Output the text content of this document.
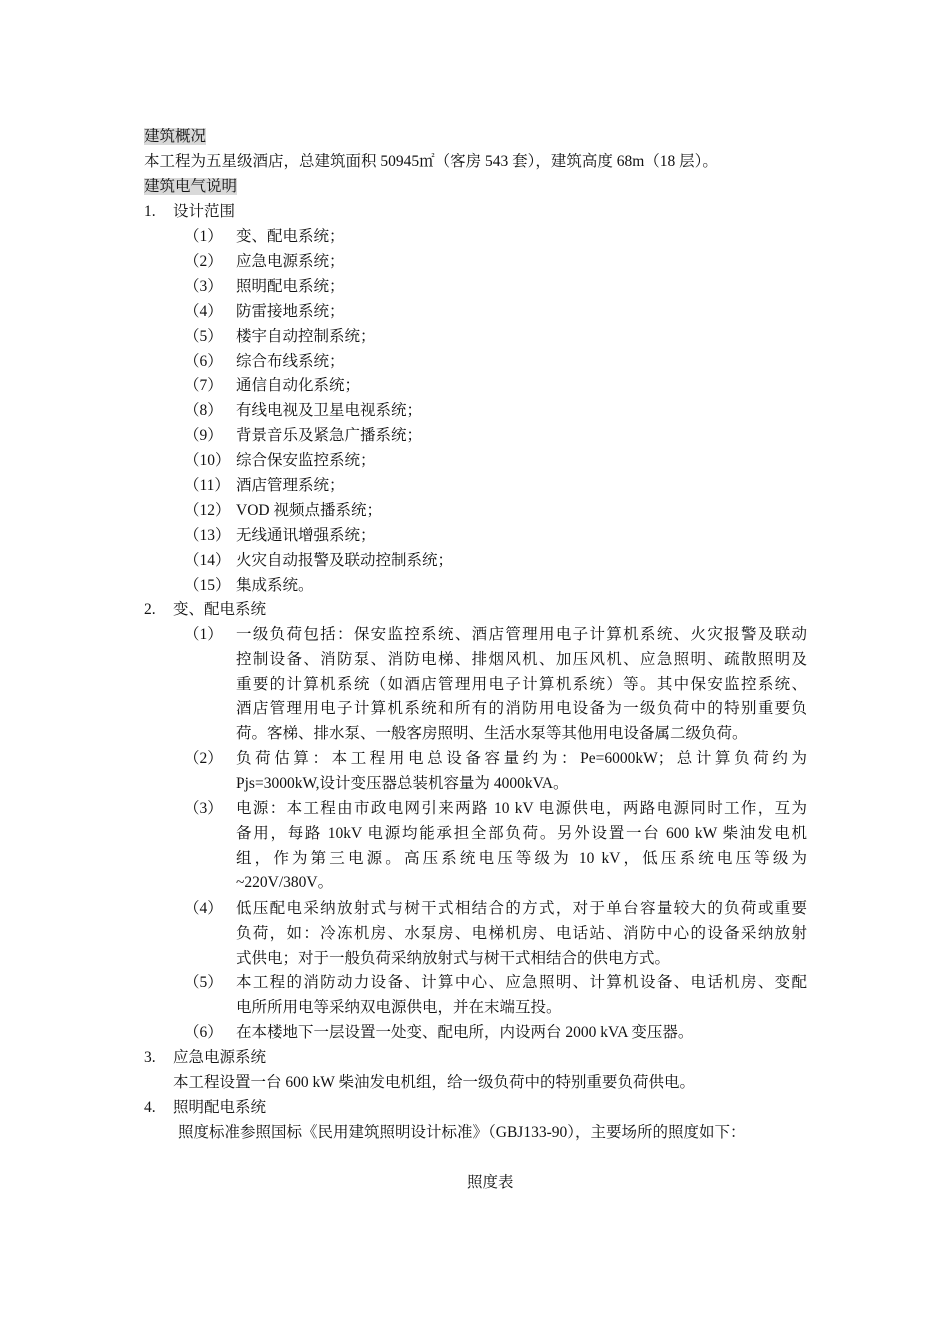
建筑概况
本工程为五星级酒店，总建筑面积 50945㎡（客房 543 套），建筑高度 68m（18 层）。
建筑电气说明
1. 设计范围
（1） 变、配电系统；
（2） 应急电源系统；
（3） 照明配电系统；
（4） 防雷接地系统；
（5） 楼宇自动控制系统；
（6） 综合布线系统；
（7） 通信自动化系统；
（8） 有线电视及卫星电视系统；
（9） 背景音乐及紧急广播系统；
（10） 综合保安监控系统；
（11） 酒店管理系统；
（12） VOD 视频点播系统；
（13） 无线通讯增强系统；
（14） 火灾自动报警及联动控制系统；
（15） 集成系统。
2. 变、配电系统
（1） 一级负荷包括：保安监控系统、酒店管理用电子计算机系统、火灾报警及联动
控制设备、消防泵、消防电梯、排烟风机、加压风机、应急照明、疏散照明及
重要的计算机系统（如酒店管理用电子计算机系统）等。其中保安监控系统、
酒店管理用电子计算机系统和所有的消防用电设备为一级负荷中的特别重要负
荷。客梯、排水泵、一般客房照明、生活水泵等其他用电设备属二级负荷。
（2） 负荷估算：本工程用电总设备容量约为：Pe=6000kW；总计算负荷约为
Pjs=3000kW,设计变压器总装机容量为 4000kVA。
（3） 电源：本工程由市政电网引来两路 10 kV 电源供电，两路电源同时工作，互为
备用，每路 10kV 电源均能承担全部负荷。另外设置一台 600 kW 柴油发电机
组，作为第三电源。高压系统电压等级为 10 kV，低压系统电压等级为
~220V/380V。
（4） 低压配电采纳放射式与树干式相结合的方式，对于单台容量较大的负荷或重要
负荷，如：冷冻机房、水泵房、电梯机房、电话站、消防中心的设备采纳放射
式供电；对于一般负荷采纳放射式与树干式相结合的供电方式。
（5） 本工程的消防动力设备、计算中心、应急照明、计算机设备、电话机房、变配
电所所用电等采纳双电源供电，并在末端互投。
（6） 在本楼地下一层设置一处变、配电所，内设两台 2000 kVA 变压器。
3. 应急电源系统
本工程设置一台 600 kW 柴油发电机组，给一级负荷中的特别重要负荷供电。
4. 照明配电系统
照度标准参照国标《民用建筑照明设计标准》（GBJ133-90），主要场所的照度如下：
照度表
